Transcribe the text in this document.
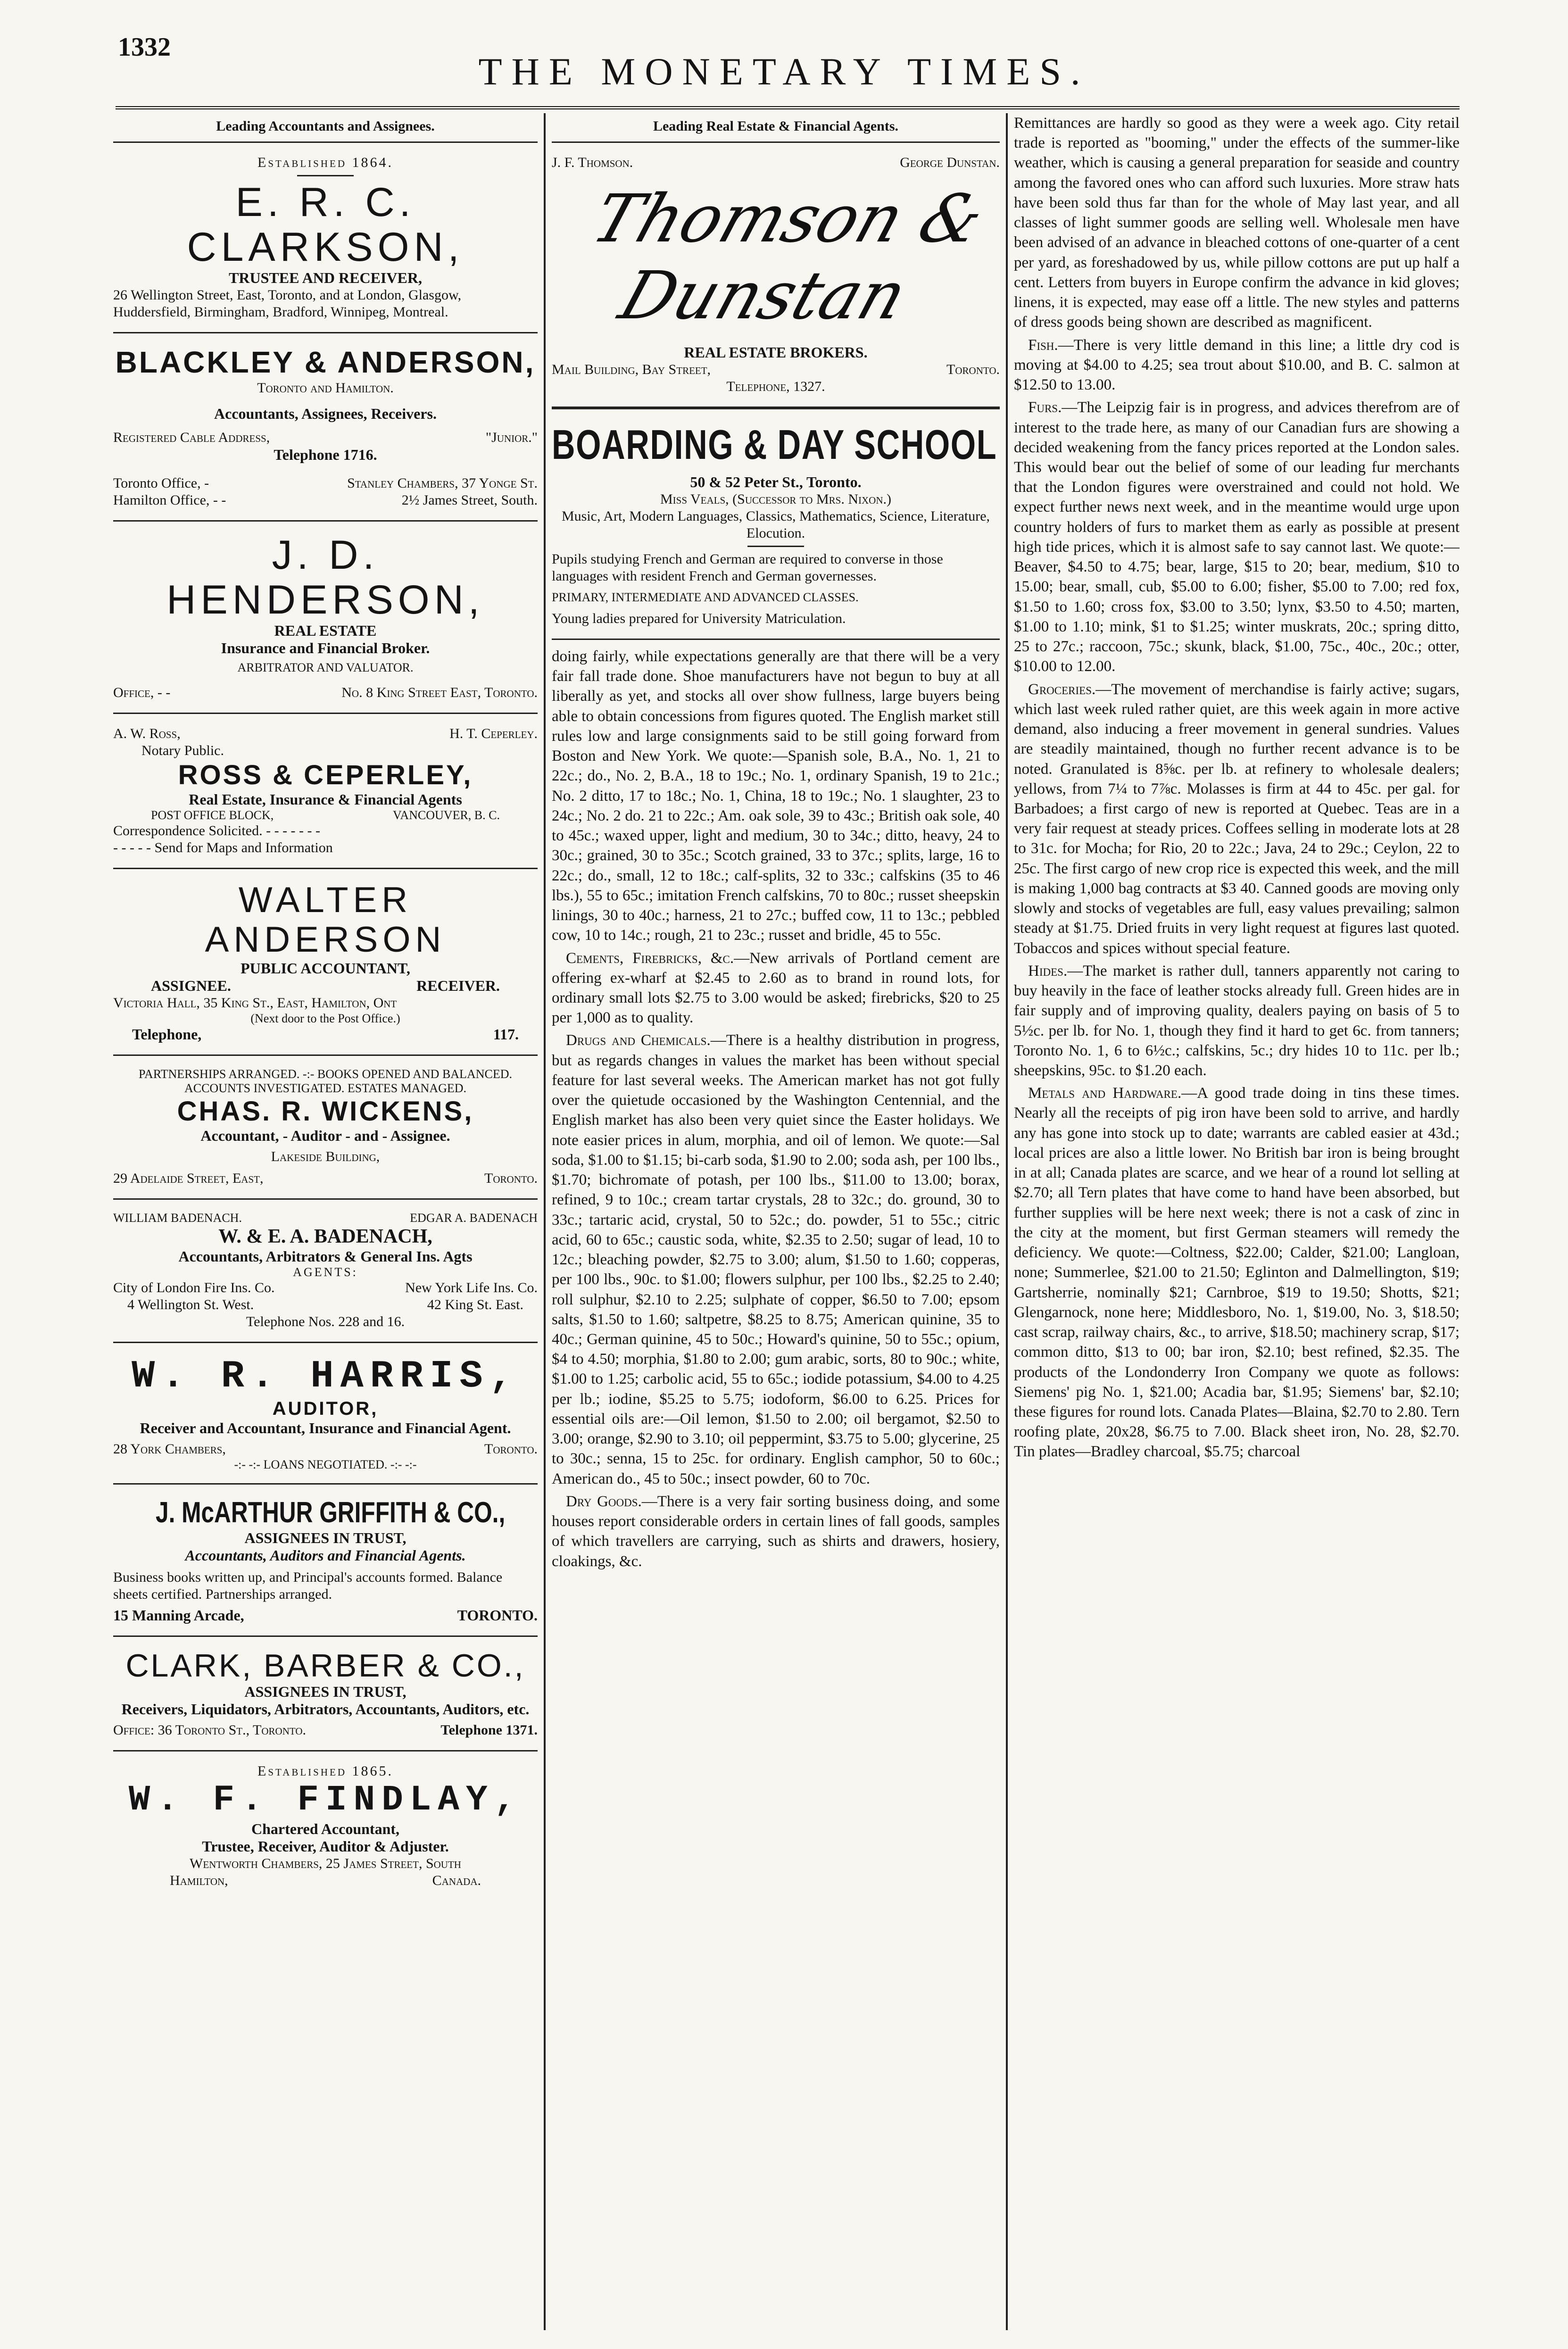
1332
THE MONETARY TIMES.
Leading Accountants and Assignees.
Established 1864.
E. R. C. CLARKSON,
TRUSTEE AND RECEIVER,
26 Wellington Street, East, Toronto, and at London, Glasgow, Huddersfield, Birmingham, Bradford, Winnipeg, Montreal.
BLACKLEY & ANDERSON,
Toronto and Hamilton.
Accountants, Assignees, Receivers.
Registered Cable Address,	"Junior."
Telephone 1716.
Toronto Office, -	Stanley Chambers, 37 Yonge St.
Hamilton Office, - -	2½ James Street, South.
J. D. HENDERSON,
REAL ESTATE
Insurance and Financial Broker.
ARBITRATOR AND VALUATOR.
Office, - -	No. 8 King Street East, Toronto.
A. W. Ross,	H. T. Ceperley.
Notary Public.
ROSS & CEPERLEY,
Real Estate, Insurance & Financial Agents
POST OFFICE BLOCK,	VANCOUVER, B. C.
Correspondence Solicited. - - - - - - -
- - - - - Send for Maps and Information
WALTER ANDERSON
PUBLIC ACCOUNTANT,
ASSIGNEE.	RECEIVER.
Victoria Hall, 35 King St., East, Hamilton, Ont
(Next door to the Post Office.)
Telephone,	117.
PARTNERSHIPS ARRANGED. -:- BOOKS OPENED AND BALANCED. ACCOUNTS INVESTIGATED. ESTATES MANAGED.
CHAS. R. WICKENS,
Accountant, - Auditor - and - Assignee.
Lakeside Building,
29 Adelaide Street, East,	Toronto.
WILLIAM BADENACH.	EDGAR A. BADENACH
W. & E. A. BADENACH,
Accountants, Arbitrators & General Ins. Agts
AGENTS:
City of London Fire Ins. Co.	New York Life Ins. Co.
4 Wellington St. West.	42 King St. East.
Telephone Nos. 228 and 16.
W. R. HARRIS,
AUDITOR,
Receiver and Accountant, Insurance and Financial Agent.
28 York Chambers,	Toronto.
-:- -:- LOANS NEGOTIATED. -:- -:-
J. McARTHUR GRIFFITH & CO.,
ASSIGNEES IN TRUST,
Accountants, Auditors and Financial Agents.
Business books written up, and Principal's accounts formed. Balance sheets certified. Partnerships arranged.
15 Manning Arcade,	TORONTO.
CLARK, BARBER & CO.,
ASSIGNEES IN TRUST,
Receivers, Liquidators, Arbitrators, Accountants, Auditors, etc.
Office: 36 Toronto St., Toronto.	Telephone 1371.
Established 1865.
W. F. FINDLAY,
Chartered Accountant,
Trustee, Receiver, Auditor & Adjuster.
Wentworth Chambers, 25 James Street, South
Hamilton,	Canada.
Leading Real Estate & Financial Agents.
J. F. Thomson.	George Dunstan.
Thomson & Dunstan
REAL ESTATE BROKERS.
Mail Building, Bay Street,	Toronto.
Telephone, 1327.
BOARDING & DAY SCHOOL

50 & 52 Peter St., Toronto.
Miss Veals, (Successor to Mrs. Nixon.)
Music, Art, Modern Languages, Classics, Mathematics, Science, Literature, Elocution.
Pupils studying French and German are required to converse in those languages with resident French and German governesses.
PRIMARY, INTERMEDIATE AND ADVANCED CLASSES.
Young ladies prepared for University Matriculation.

doing fairly, while expectations generally are that there will be a very fair fall trade done. Shoe manufacturers have not begun to buy at all liberally as yet, and stocks all over show fullness, large buyers being able to obtain concessions from figures quoted. The English market still rules low and large consignments said to be still going forward from Boston and New York. We quote:—Spanish sole, B.A., No. 1, 21 to 22c.; do., No. 2, B.A., 18 to 19c.; No. 1, ordinary Spanish, 19 to 21c.; No. 2 ditto, 17 to 18c.; No. 1, China, 18 to 19c.; No. 1 slaughter, 23 to 24c.; No. 2 do. 21 to 22c.; Am. oak sole, 39 to 43c.; British oak sole, 40 to 45c.; waxed upper, light and medium, 30 to 34c.; ditto, heavy, 24 to 30c.; grained, 30 to 35c.; Scotch grained, 33 to 37c.; splits, large, 16 to 22c.; do., small, 12 to 18c.; calf-splits, 32 to 33c.; calfskins (35 to 46 lbs.), 55 to 65c.; imitation French calfskins, 70 to 80c.; russet sheepskin linings, 30 to 40c.; harness, 21 to 27c.; buffed cow, 11 to 13c.; pebbled cow, 10 to 14c.; rough, 21 to 23c.; russet and bridle, 45 to 55c.

Cements, Firebricks, &c.—New arrivals of Portland cement are offering ex-wharf at $2.45 to 2.60 as to brand in round lots, for ordinary small lots $2.75 to 3.00 would be asked; firebricks, $20 to 25 per 1,000 as to quality.

Drugs and Chemicals.—There is a healthy distribution in progress, but as regards changes in values the market has been without special feature for last several weeks. The American market has not got fully over the quietude occasioned by the Washington Centennial, and the English market has also been very quiet since the Easter holidays. We note easier prices in alum, morphia, and oil of lemon. We quote:—Sal soda, $1.00 to $1.15; bi-carb soda, $1.90 to 2.00; soda ash, per 100 lbs., $1.70; bichromate of potash, per 100 lbs., $11.00 to 13.00; borax, refined, 9 to 10c.; cream tartar crystals, 28 to 32c.; do. ground, 30 to 33c.; tartaric acid, crystal, 50 to 52c.; do. powder, 51 to 55c.; citric acid, 60 to 65c.; caustic soda, white, $2.35 to 2.50; sugar of lead, 10 to 12c.; bleaching powder, $2.75 to 3.00; alum, $1.50 to 1.60; copperas, per 100 lbs., 90c. to $1.00; flowers sulphur, per 100 lbs., $2.25 to 2.40; roll sulphur, $2.10 to 2.25; sulphate of copper, $6.50 to 7.00; epsom salts, $1.50 to 1.60; saltpetre, $8.25 to 8.75; American quinine, 35 to 40c.; German quinine, 45 to 50c.; Howard's quinine, 50 to 55c.; opium, $4 to 4.50; morphia, $1.80 to 2.00; gum arabic, sorts, 80 to 90c.; white, $1.00 to 1.25; carbolic acid, 55 to 65c.; iodide potassium, $4.00 to 4.25 per lb.; iodine, $5.25 to 5.75; iodoform, $6.00 to 6.25. Prices for essential oils are:—Oil lemon, $1.50 to 2.00; oil bergamot, $2.50 to 3.00; orange, $2.90 to 3.10; oil peppermint, $3.75 to 5.00; glycerine, 25 to 30c.; senna, 15 to 25c. for ordinary. English camphor, 50 to 60c.; American do., 45 to 50c.; insect powder, 60 to 70c.

Dry Goods.—There is a very fair sorting business doing, and some houses report considerable orders in certain lines of fall goods, samples of which travellers are carrying, such as shirts and drawers, hosiery, cloakings, &c.

Remittances are hardly so good as they were a week ago. City retail trade is reported as "booming," under the effects of the summer-like weather, which is causing a general preparation for seaside and country among the favored ones who can afford such luxuries. More straw hats have been sold thus far than for the whole of May last year, and all classes of light summer goods are selling well. Wholesale men have been advised of an advance in bleached cottons of one-quarter of a cent per yard, as foreshadowed by us, while pillow cottons are put up half a cent. Letters from buyers in Europe confirm the advance in kid gloves; linens, it is expected, may ease off a little. The new styles and patterns of dress goods being shown are described as magnificent.

Fish.—There is very little demand in this line; a little dry cod is moving at $4.00 to 4.25; sea trout about $10.00, and B. C. salmon at $12.50 to 13.00.

Furs.—The Leipzig fair is in progress, and advices therefrom are of interest to the trade here, as many of our Canadian furs are showing a decided weakening from the fancy prices reported at the London sales. This would bear out the belief of some of our leading fur merchants that the London figures were overstrained and could not hold. We expect further news next week, and in the meantime would urge upon country holders of furs to market them as early as possible at present high tide prices, which it is almost safe to say cannot last. We quote:—Beaver, $4.50 to 4.75; bear, large, $15 to 20; bear, medium, $10 to 15.00; bear, small, cub, $5.00 to 6.00; fisher, $5.00 to 7.00; red fox, $1.50 to 1.60; cross fox, $3.00 to 3.50; lynx, $3.50 to 4.50; marten, $1.00 to 1.10; mink, $1 to $1.25; winter muskrats, 20c.; spring ditto, 25 to 27c.; raccoon, 75c.; skunk, black, $1.00, 75c., 40c., 20c.; otter, $10.00 to 12.00.

Groceries.—The movement of merchandise is fairly active; sugars, which last week ruled rather quiet, are this week again in more active demand, also inducing a freer movement in general sundries. Values are steadily maintained, though no further recent advance is to be noted. Granulated is 8⅝c. per lb. at refinery to wholesale dealers; yellows, from 7¼ to 7⅞c. Molasses is firm at 44 to 45c. per gal. for Barbadoes; a first cargo of new is reported at Quebec. Teas are in a very fair request at steady prices. Coffees selling in moderate lots at 28 to 31c. for Mocha; for Rio, 20 to 22c.; Java, 24 to 29c.; Ceylon, 22 to 25c. The first cargo of new crop rice is expected this week, and the mill is making 1,000 bag contracts at $3 40. Canned goods are moving only slowly and stocks of vegetables are full, easy values prevailing; salmon steady at $1.75. Dried fruits in very light request at figures last quoted. Tobaccos and spices without special feature.

Hides.—The market is rather dull, tanners apparently not caring to buy heavily in the face of leather stocks already full. Green hides are in fair supply and of improving quality, dealers paying on basis of 5 to 5½c. per lb. for No. 1, though they find it hard to get 6c. from tanners; Toronto No. 1, 6 to 6½c.; calfskins, 5c.; dry hides 10 to 11c. per lb.; sheepskins, 95c. to $1.20 each.

Metals and Hardware.—A good trade doing in tins these times. Nearly all the receipts of pig iron have been sold to arrive, and hardly any has gone into stock up to date; warrants are cabled easier at 43d.; local prices are also a little lower. No British bar iron is being brought in at all; Canada plates are scarce, and we hear of a round lot selling at $2.70; all Tern plates that have come to hand have been absorbed, but further supplies will be here next week; there is not a cask of zinc in the city at the moment, but first German steamers will remedy the deficiency. We quote:—Coltness, $22.00; Calder, $21.00; Langloan, none; Summerlee, $21.00 to 21.50; Eglinton and Dalmellington, $19; Gartsherrie, nominally $21; Carnbroe, $19 to 19.50; Shotts, $21; Glengarnock, none here; Middlesboro, No. 1, $19.00, No. 3, $18.50; cast scrap, railway chairs, &c., to arrive, $18.50; machinery scrap, $17; common ditto, $13 to 00; bar iron, $2.10; best refined, $2.35. The products of the Londonderry Iron Company we quote as follows: Siemens' pig No. 1, $21.00; Acadia bar, $1.95; Siemens' bar, $2.10; these figures for round lots. Canada Plates—Blaina, $2.70 to 2.80. Tern roofing plate, 20x28, $6.75 to 7.00. Black sheet iron, No. 28, $2.70. Tin plates—Bradley charcoal, $5.75; charcoal
